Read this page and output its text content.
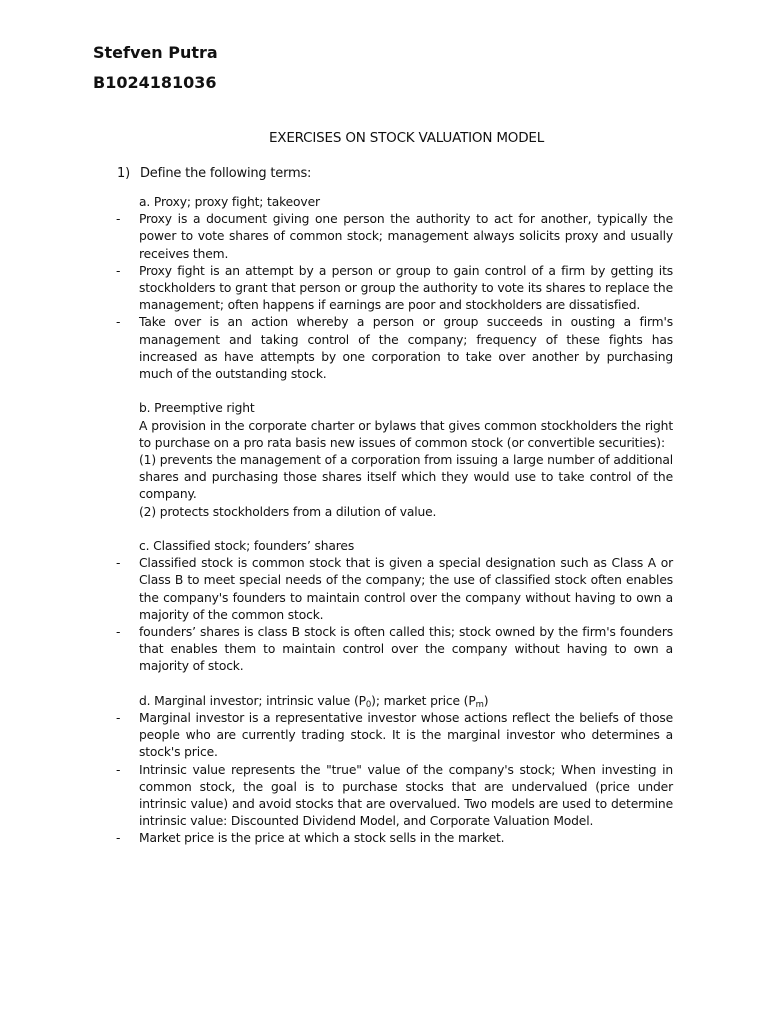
Stefven Putra
B1024181036
EXERCISES ON STOCK VALUATION MODEL
1) Define the following terms:

a. Proxy; proxy fight; takeover

- Proxy is a document giving one person the authority to act for another, typically the power to vote shares of common stock; management always solicits proxy and usually receives them.

- Proxy fight is an attempt by a person or group to gain control of a firm by getting its stockholders to grant that person or group the authority to vote its shares to replace the management; often happens if earnings are poor and stockholders are dissatisfied.

- Take over is an action whereby a person or group succeeds in ousting a firm's management and taking control of the company; frequency of these fights has increased as have attempts by one corporation to take over another by purchasing much of the outstanding stock.

b. Preemptive right

A provision in the corporate charter or bylaws that gives common stockholders the right to purchase on a pro rata basis new issues of common stock (or convertible securities):

(1) prevents the management of a corporation from issuing a large number of additional shares and purchasing those shares itself which they would use to take control of the company.

(2) protects stockholders from a dilution of value.

c. Classified stock; founders’ shares

- Classified stock is common stock that is given a special designation such as Class A or Class B to meet special needs of the company; the use of classified stock often enables the company's founders to maintain control over the company without having to own a majority of the common stock.

- founders’ shares is class B stock is often called this; stock owned by the firm's founders that enables them to maintain control over the company without having to own a majority of stock.

d. Marginal investor; intrinsic value $(P_0)$; market price $(P_m)$

- Marginal investor is a representative investor whose actions reflect the beliefs of those people who are currently trading stock. It is the marginal investor who determines a stock's price.

- Intrinsic value represents the "true" value of the company's stock; When investing in common stock, the goal is to purchase stocks that are undervalued (price under intrinsic value) and avoid stocks that are overvalued. Two models are used to determine intrinsic value: Discounted Dividend Model, and Corporate Valuation Model.

- Market price is the price at which a stock sells in the market.
